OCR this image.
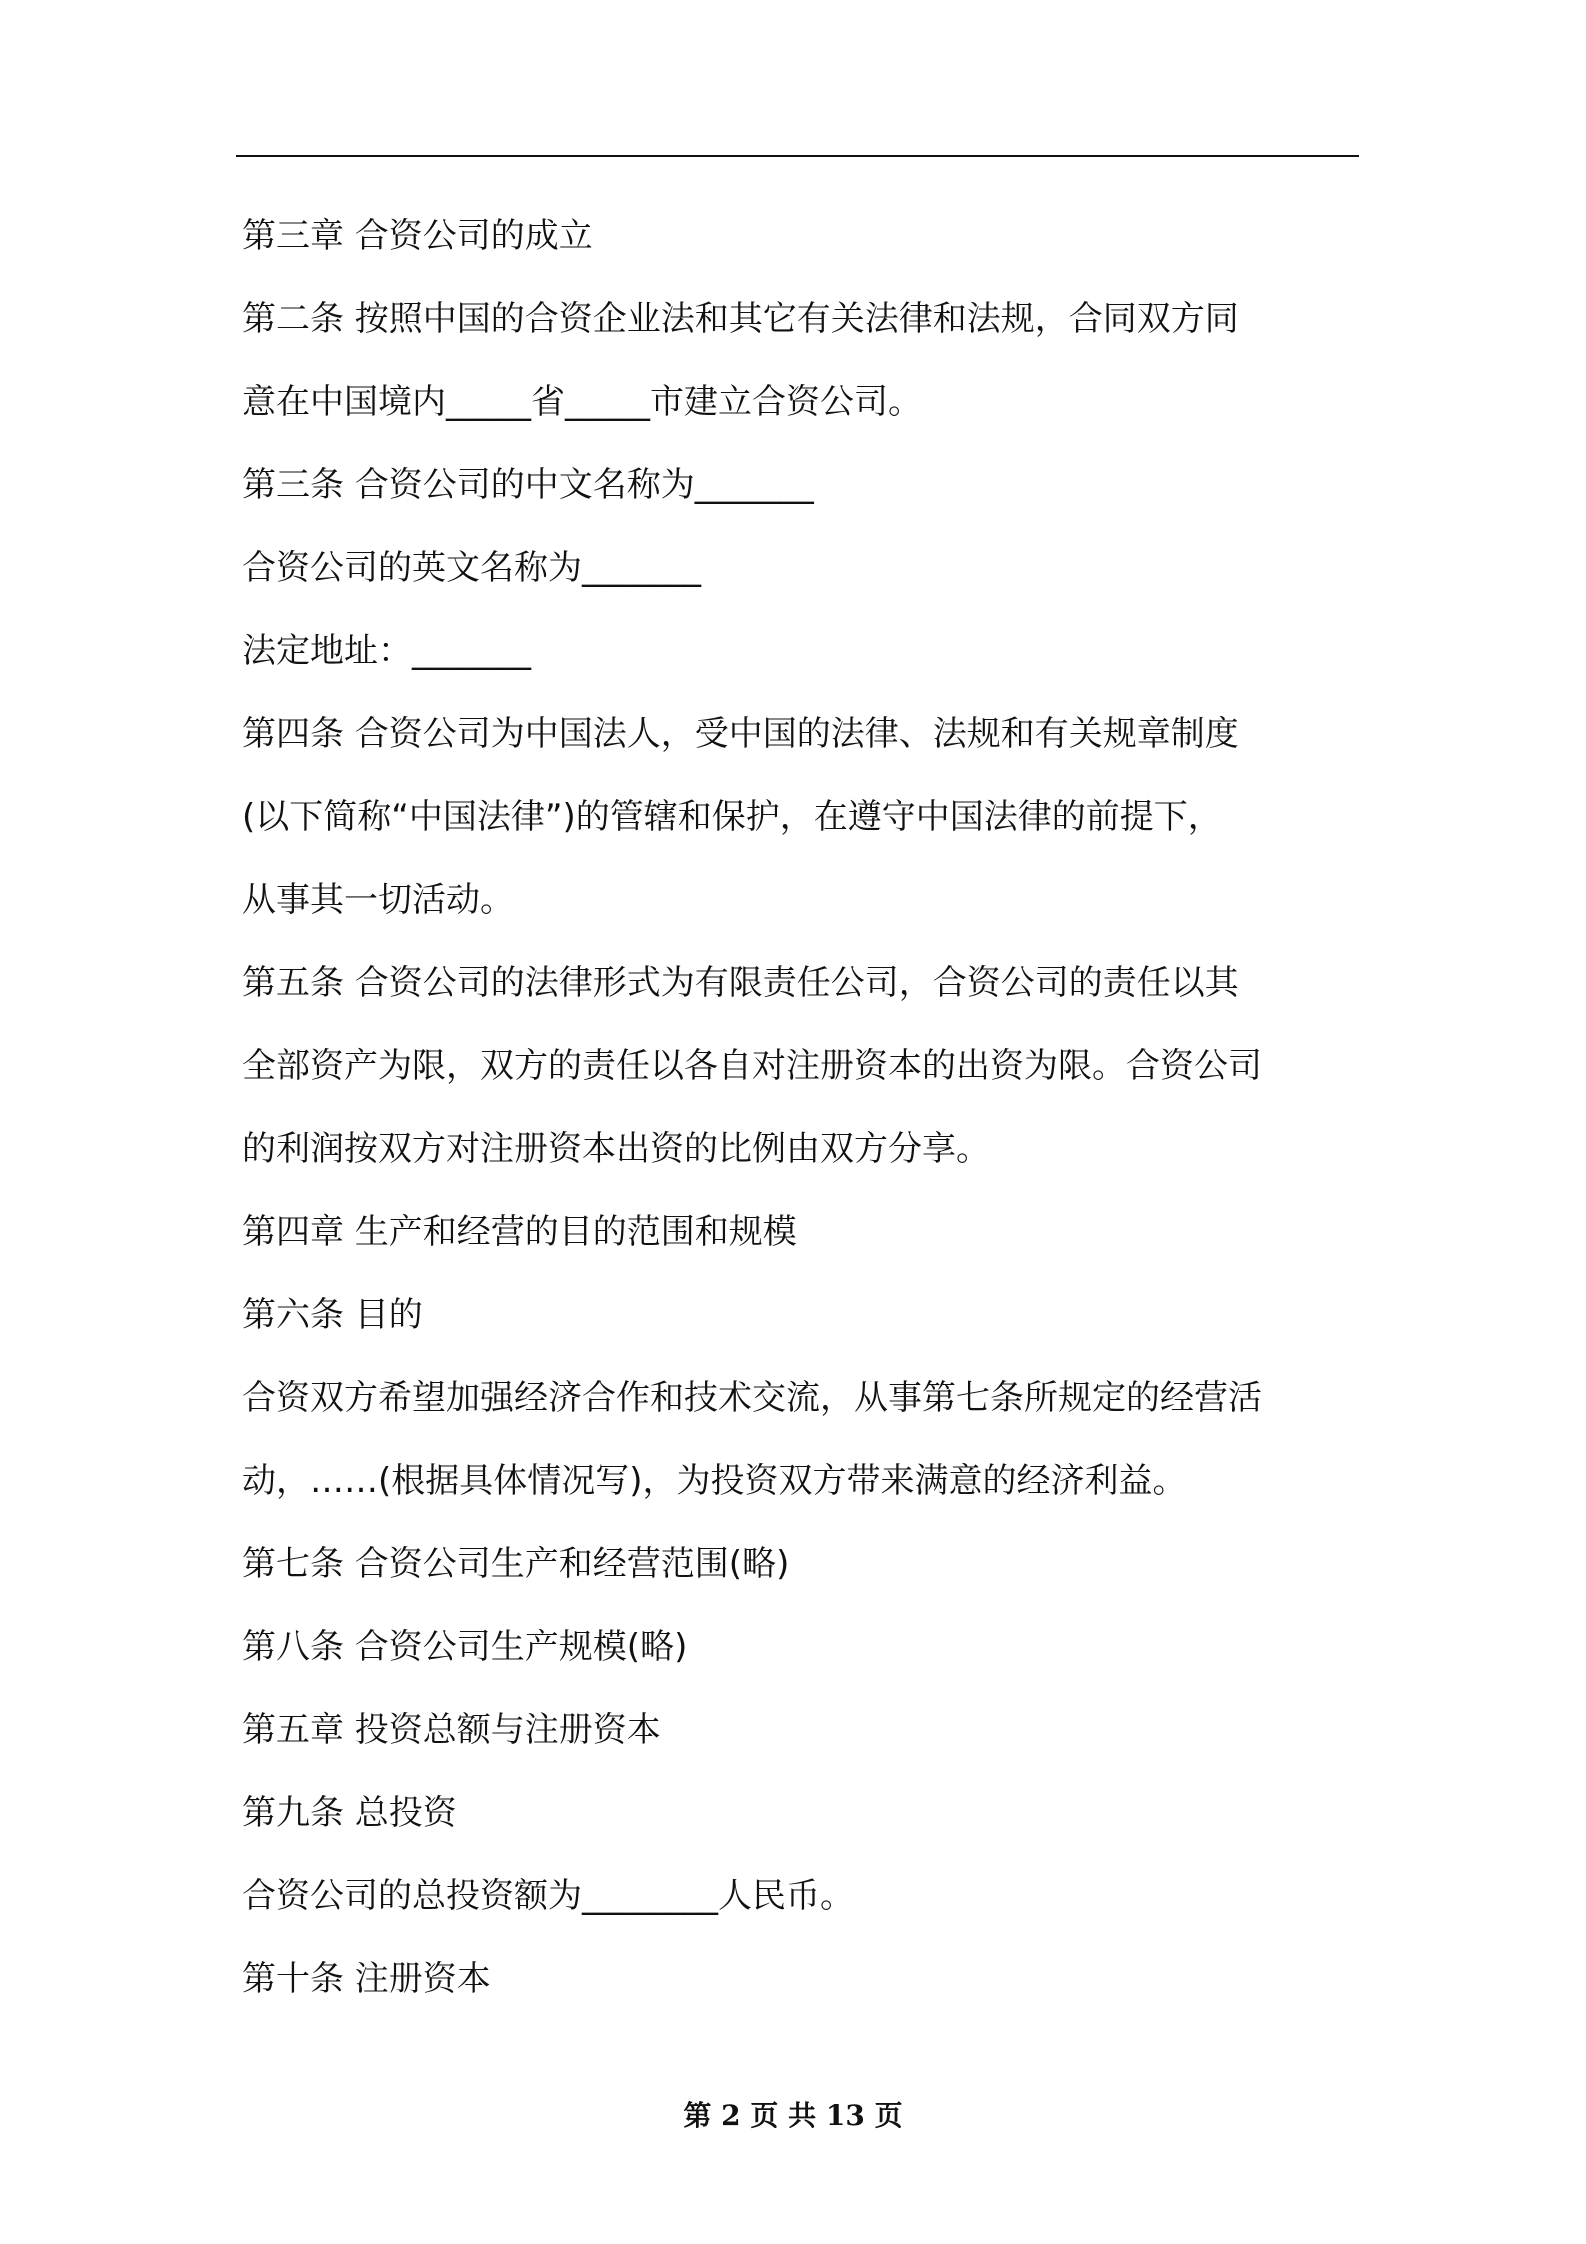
第三章 合资公司的成立
第二条 按照中国的合资企业法和其它有关法律和法规，合同双方同
意在中国境内_____省_____市建立合资公司。
第三条 合资公司的中文名称为_______
合资公司的英文名称为_______
法定地址：_______
第四条 合资公司为中国法人，受中国的法律、法规和有关规章制度
(以下简称“中国法律”)的管辖和保护，在遵守中国法律的前提下，
从事其一切活动。
第五条 合资公司的法律形式为有限责任公司，合资公司的责任以其
全部资产为限，双方的责任以各自对注册资本的出资为限。合资公司
的利润按双方对注册资本出资的比例由双方分享。
第四章 生产和经营的目的范围和规模
第六条 目的
合资双方希望加强经济合作和技术交流，从事第七条所规定的经营活
动，……(根据具体情况写)，为投资双方带来满意的经济利益。
第七条 合资公司生产和经营范围(略)
第八条 合资公司生产规模(略)
第五章 投资总额与注册资本
第九条 总投资
合资公司的总投资额为________人民币。
第十条 注册资本
第 2 页 共 13 页
